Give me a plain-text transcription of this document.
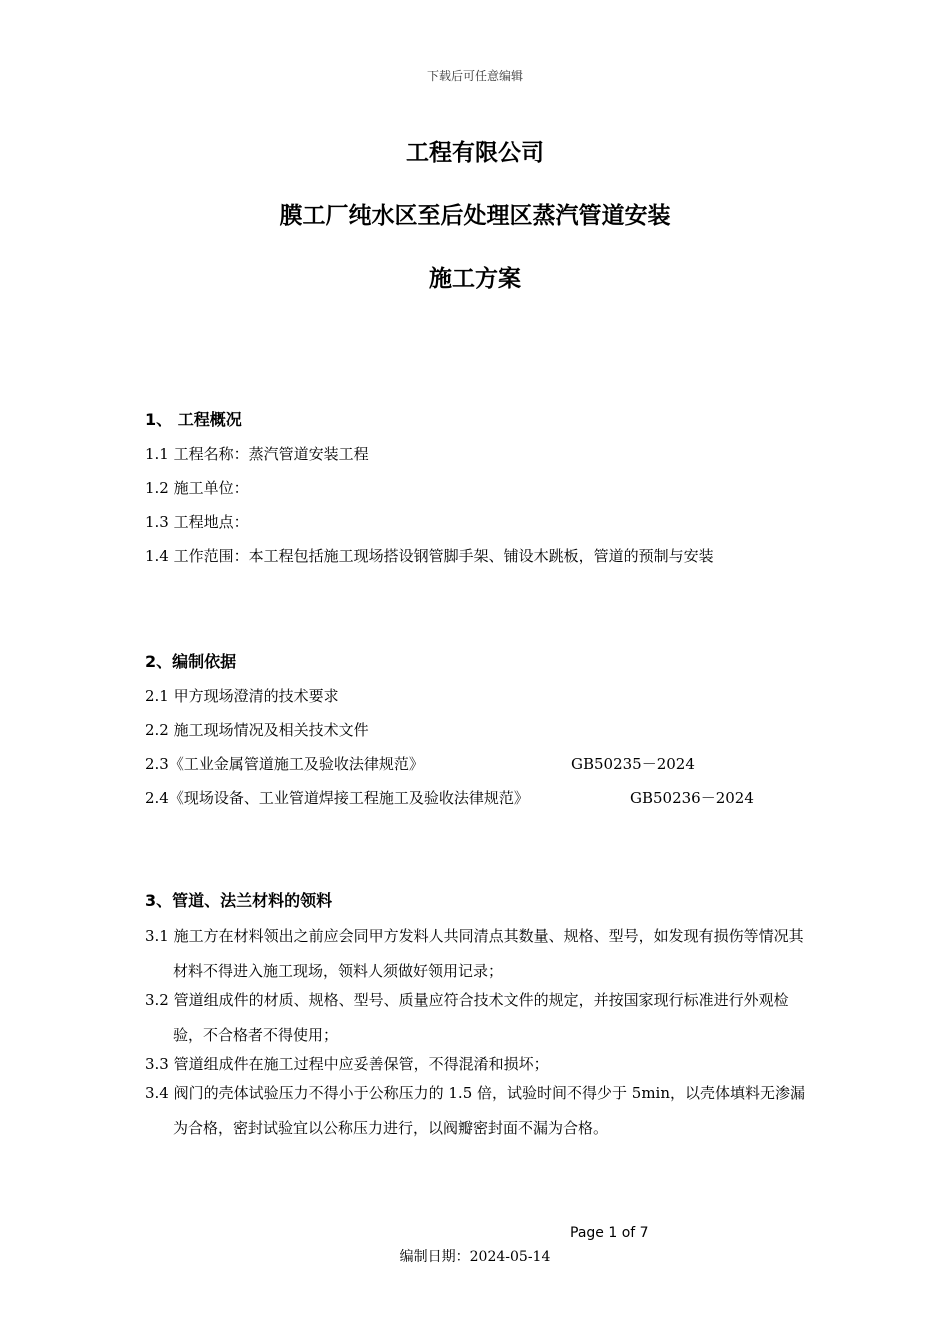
下载后可任意编辑
工程有限公司
膜工厂纯水区至后处理区蒸汽管道安装
施工方案
1、 工程概况
1.1 工程名称：蒸汽管道安装工程
1.2 施工单位：
1.3 工程地点：
1.4 工作范围：本工程包括施工现场搭设钢管脚手架、铺设木跳板，管道的预制与安装
2、编制依据
2.1 甲方现场澄清的技术要求
2.2 施工现场情况及相关技术文件
2.3《工业金属管道施工及验收法律规范》	GB50235－2024
2.4《现场设备、工业管道焊接工程施工及验收法律规范》	GB50236－2024
3、管道、法兰材料的领料
3.1 施工方在材料领出之前应会同甲方发料人共同清点其数量、规格、型号，如发现有损伤等情况其材料不得进入施工现场，领料人须做好领用记录；
3.2 管道组成件的材质、规格、型号、质量应符合技术文件的规定，并按国家现行标准进行外观检验，不合格者不得使用；
3.3 管道组成件在施工过程中应妥善保管，不得混淆和损坏；
3.4 阀门的壳体试验压力不得小于公称压力的 1.5 倍，试验时间不得少于 5min，以壳体填料无渗漏为合格，密封试验宜以公称压力进行，以阀瓣密封面不漏为合格。
Page 1 of 7
编制日期：2024-05-14
